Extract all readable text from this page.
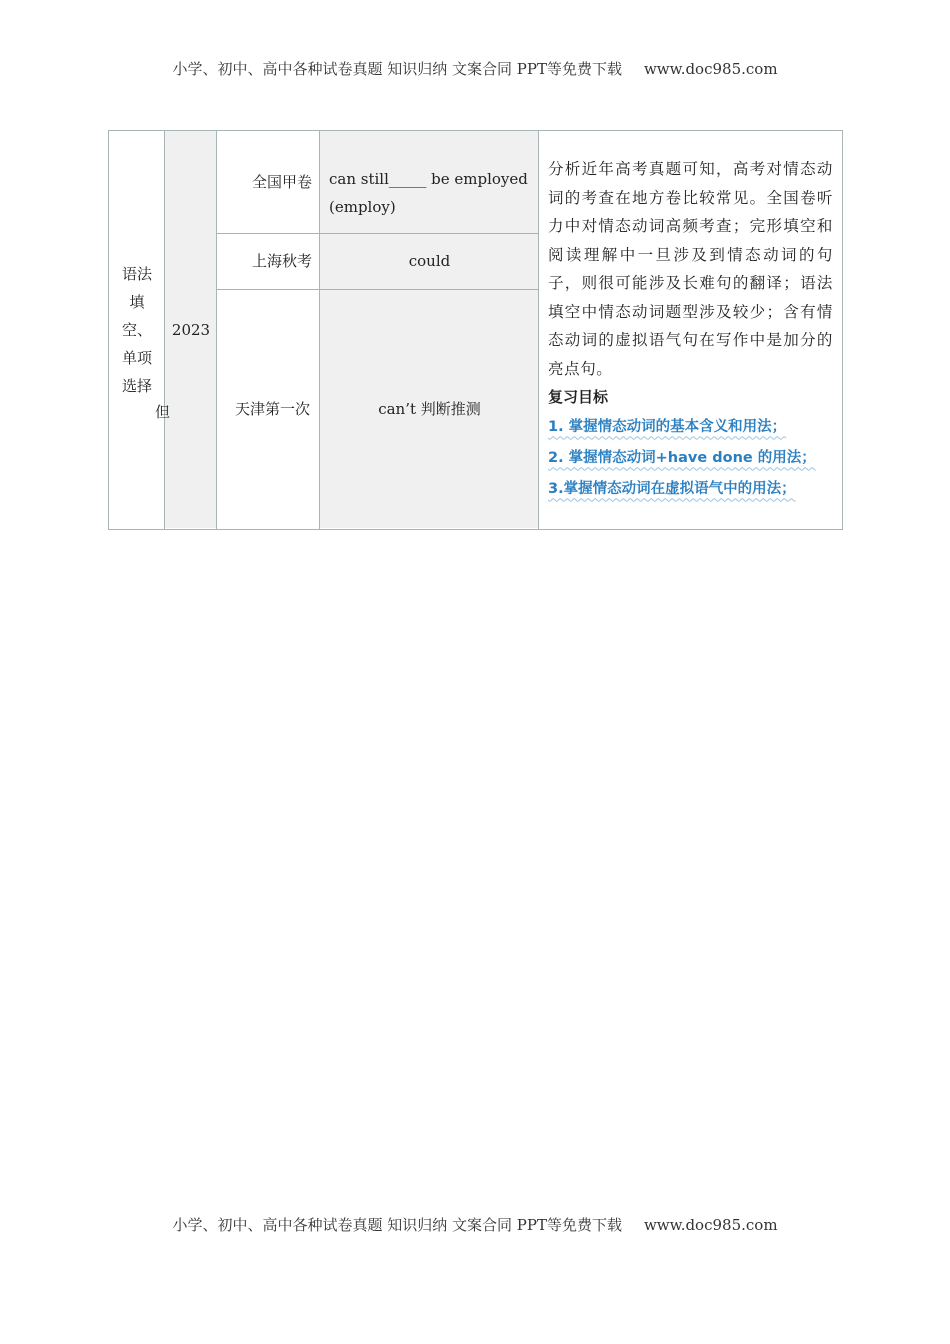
小学、初中、高中各种试卷真题 知识归纳 文案合同 PPT等免费下载 www.doc985.com
语法填空、单项选择
2023
但
全国甲卷	can still_____ be employed (employ)
上海秋考	could
天津第一次	can’t 判断推测
分析近年高考真题可知，高考对情态动词的考查在地方卷比较常见。全国卷听力中对情态动词高频考查；完形填空和阅读理解中一旦涉及到情态动词的句子，则很可能涉及长难句的翻译；语法填空中情态动词题型涉及较少；含有情态动词的虚拟语气句在写作中是加分的亮点句。
复习目标
1. 掌握情态动词的基本含义和用法；
2. 掌握情态动词+have done 的用法；
3.掌握情态动词在虚拟语气中的用法；
小学、初中、高中各种试卷真题 知识归纳 文案合同 PPT等免费下载 www.doc985.com
